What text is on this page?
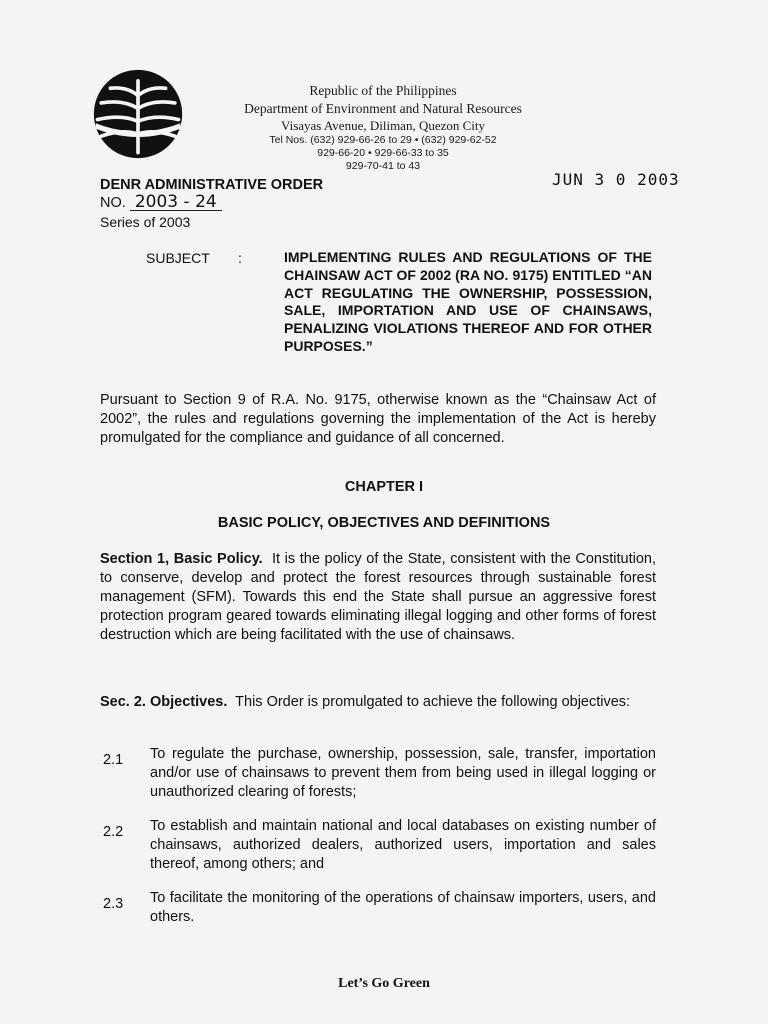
Republic of the Philippines
Department of Environment and Natural Resources
Visayas Avenue, Diliman, Quezon City
Tel Nos. (632) 929-66-26 to 29 • (632) 929-62-52
929-66-20 • 929-66-33 to 35
929-70-41 to 43
JUN 3 0 2003
DENR ADMINISTRATIVE ORDER
NO. 2003 - 24
Series of 2003
SUBJECT :	IMPLEMENTING RULES AND REGULATIONS OF THE CHAINSAW ACT OF 2002 (RA NO. 9175) ENTITLED “AN ACT REGULATING THE OWNERSHIP, POSSESSION, SALE, IMPORTATION AND USE OF CHAINSAWS, PENALIZING VIOLATIONS THEREOF AND FOR OTHER PURPOSES.”
Pursuant to Section 9 of R.A. No. 9175, otherwise known as the “Chainsaw Act of 2002”, the rules and regulations governing the implementation of the Act is hereby promulgated for the compliance and guidance of all concerned.
CHAPTER I
BASIC POLICY, OBJECTIVES AND DEFINITIONS
Section 1, Basic Policy. It is the policy of the State, consistent with the Constitution, to conserve, develop and protect the forest resources through sustainable forest management (SFM). Towards this end the State shall pursue an aggressive forest protection program geared towards eliminating illegal logging and other forms of forest destruction which are being facilitated with the use of chainsaws.
Sec. 2. Objectives. This Order is promulgated to achieve the following objectives:
2.1 To regulate the purchase, ownership, possession, sale, transfer, importation and/or use of chainsaws to prevent them from being used in illegal logging or unauthorized clearing of forests;
2.2 To establish and maintain national and local databases on existing number of chainsaws, authorized dealers, authorized users, importation and sales thereof, among others; and
2.3 To facilitate the monitoring of the operations of chainsaw importers, users, and others.
Let’s Go Green
